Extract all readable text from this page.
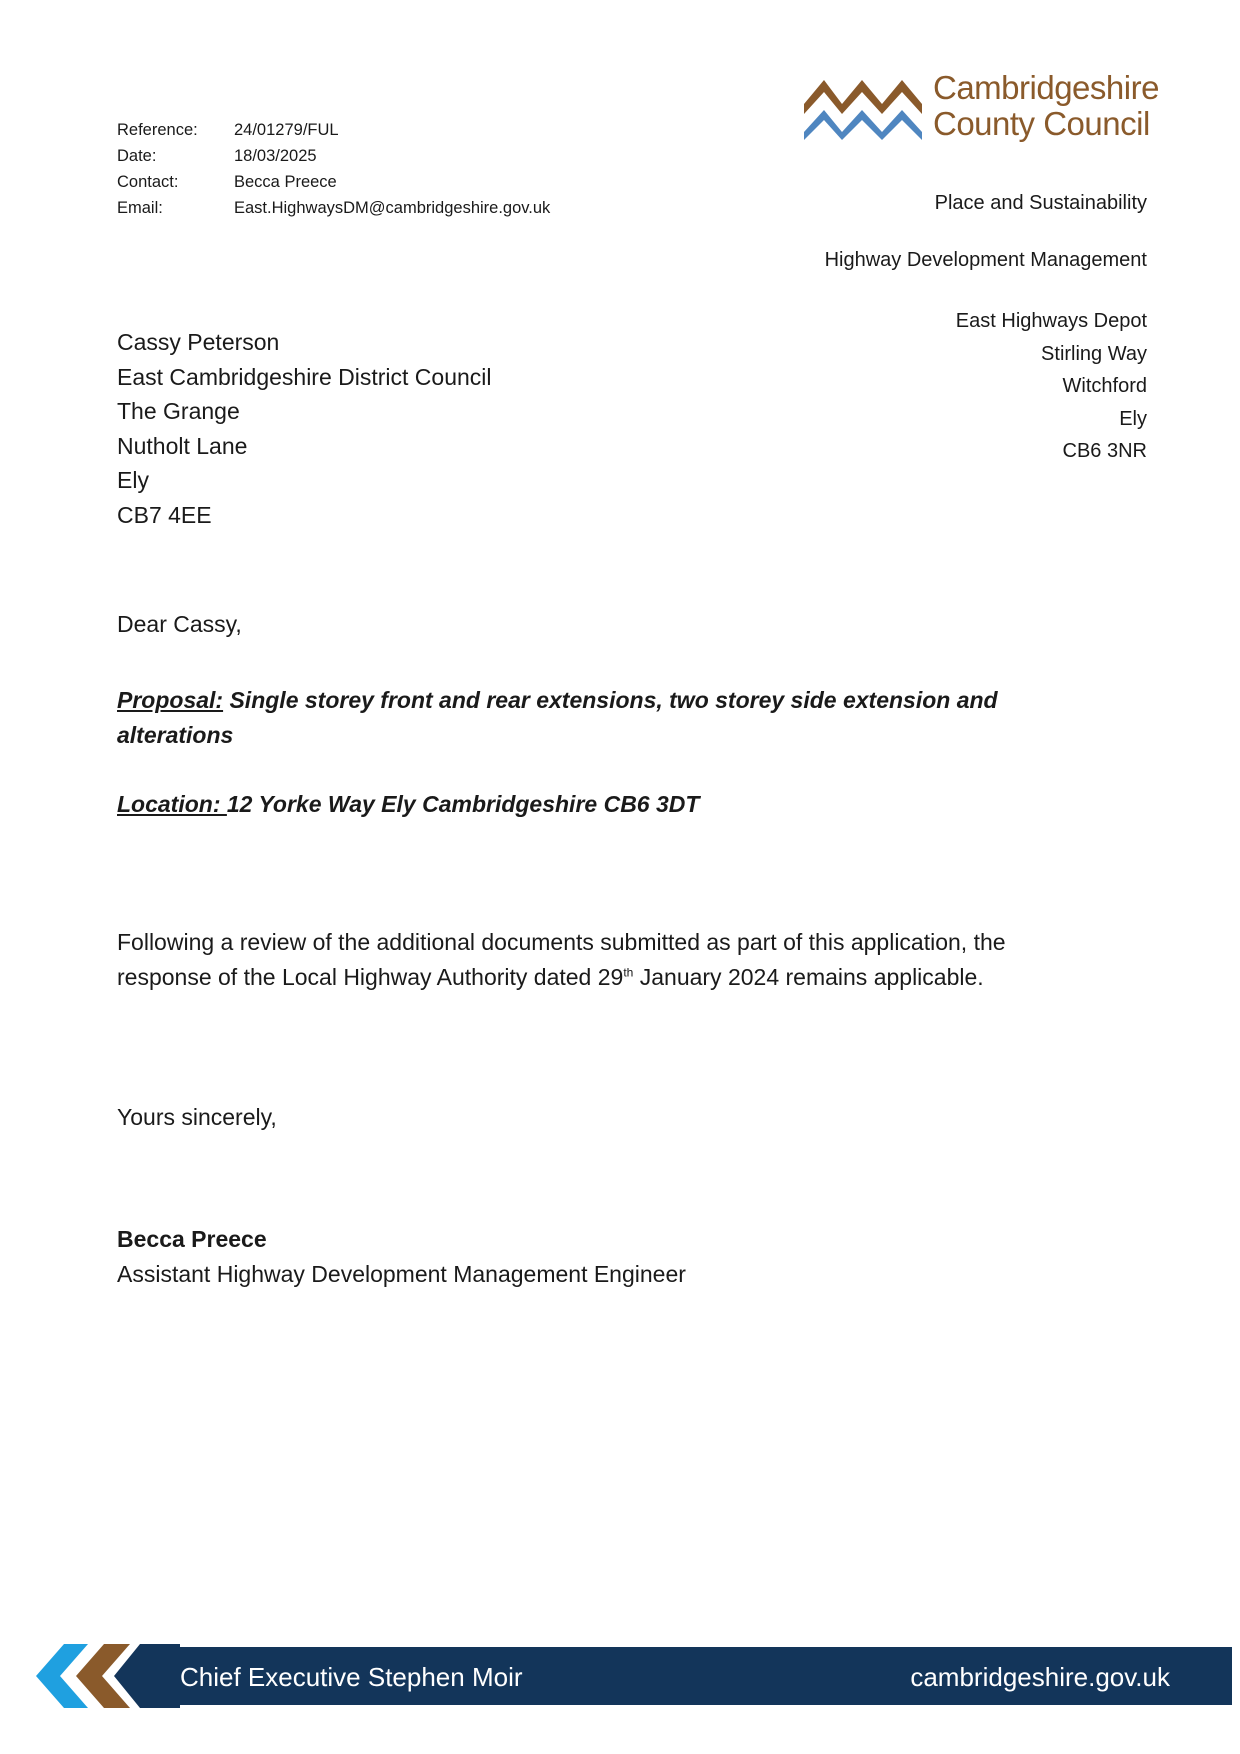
Reference:	24/01279/FUL
Date:	18/03/2025
Contact:	Becca Preece
Email:	East.HighwaysDM@cambridgeshire.gov.uk
Cambridgeshire
County Council
Place and Sustainability
Highway Development Management
East Highways Depot
Stirling Way
Witchford
Ely
CB6 3NR
Cassy Peterson
East Cambridgeshire District Council
The Grange
Nutholt Lane
Ely
CB7 4EE
Dear Cassy,
Proposal: Single storey front and rear extensions, two storey side extension and alterations
Location: 12 Yorke Way Ely Cambridgeshire CB6 3DT
Following a review of the additional documents submitted as part of this application, the response of the Local Highway Authority dated 29th January 2024 remains applicable.
Yours sincerely,
Becca Preece
Assistant Highway Development Management Engineer
Chief Executive Stephen Moir	cambridgeshire.gov.uk
